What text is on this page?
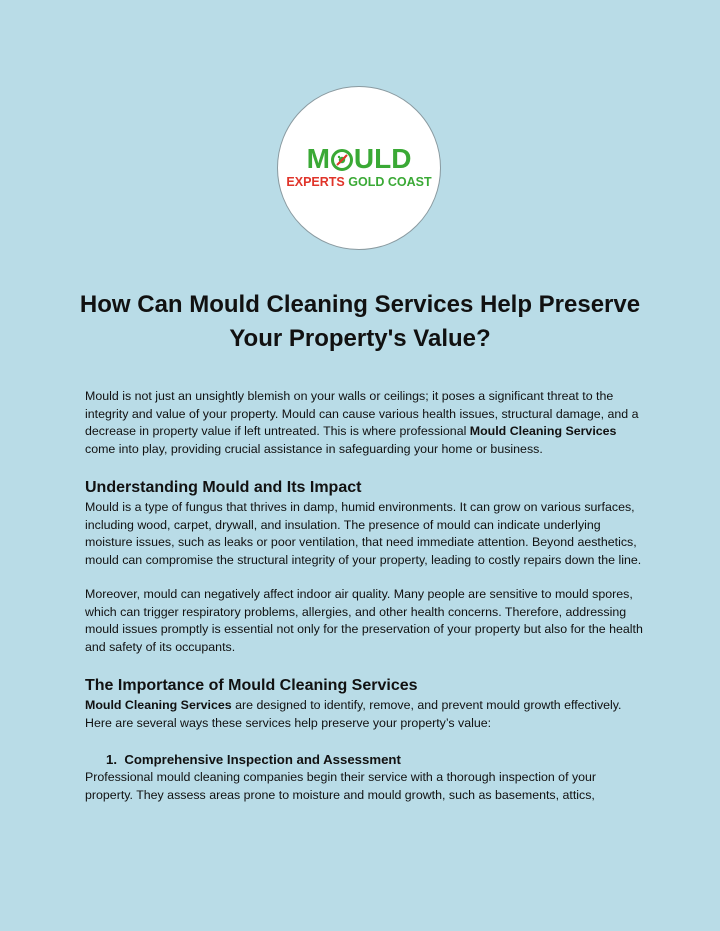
M ULD
EXPERTS GOLD COAST
How Can Mould Cleaning Services Help Preserve Your Property's Value?

Mould is not just an unsightly blemish on your walls or ceilings; it poses a significant threat to the integrity and value of your property. Mould can cause various health issues, structural damage, and a decrease in property value if left untreated. This is where professional Mould Cleaning Services come into play, providing crucial assistance in safeguarding your home or business.

Understanding Mould and Its Impact

Mould is a type of fungus that thrives in damp, humid environments. It can grow on various surfaces, including wood, carpet, drywall, and insulation. The presence of mould can indicate underlying moisture issues, such as leaks or poor ventilation, that need immediate attention. Beyond aesthetics, mould can compromise the structural integrity of your property, leading to costly repairs down the line.

Moreover, mould can negatively affect indoor air quality. Many people are sensitive to mould spores, which can trigger respiratory problems, allergies, and other health concerns. Therefore, addressing mould issues promptly is essential not only for the preservation of your property but also for the health and safety of its occupants.

The Importance of Mould Cleaning Services

Mould Cleaning Services are designed to identify, remove, and prevent mould growth effectively. Here are several ways these services help preserve your property’s value:

1.  Comprehensive Inspection and Assessment

Professional mould cleaning companies begin their service with a thorough inspection of your property. They assess areas prone to moisture and mould growth, such as basements, attics,
